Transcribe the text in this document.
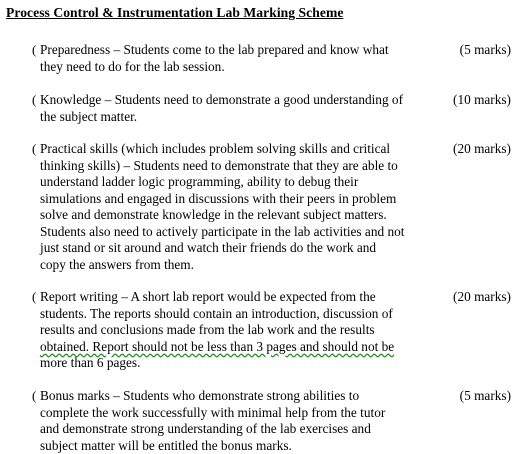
Process Control & Instrumentation Lab Marking Scheme
( Preparedness – Students come to the lab prepared and know what
they need to do for the lab session.
(5 marks)
( Knowledge – Students need to demonstrate a good understanding of
the subject matter.
(10 marks)
( Practical skills (which includes problem solving skills and critical
thinking skills) – Students need to demonstrate that they are able to
understand ladder logic programming, ability to debug their
simulations and engaged in discussions with their peers in problem
solve and demonstrate knowledge in the relevant subject matters.
Students also need to actively participate in the lab activities and not
just stand or sit around and watch their friends do the work and
copy the answers from them.
(20 marks)
( Report writing – A short lab report would be expected from the
students. The reports should contain an introduction, discussion of
results and conclusions made from the lab work and the results
obtained. Report should not be less than 3 pages and should not be
more than 6 pages.
(20 marks)
( Bonus marks – Students who demonstrate strong abilities to
complete the work successfully with minimal help from the tutor
and demonstrate strong understanding of the lab exercises and
subject matter will be entitled the bonus marks.
(5 marks)
